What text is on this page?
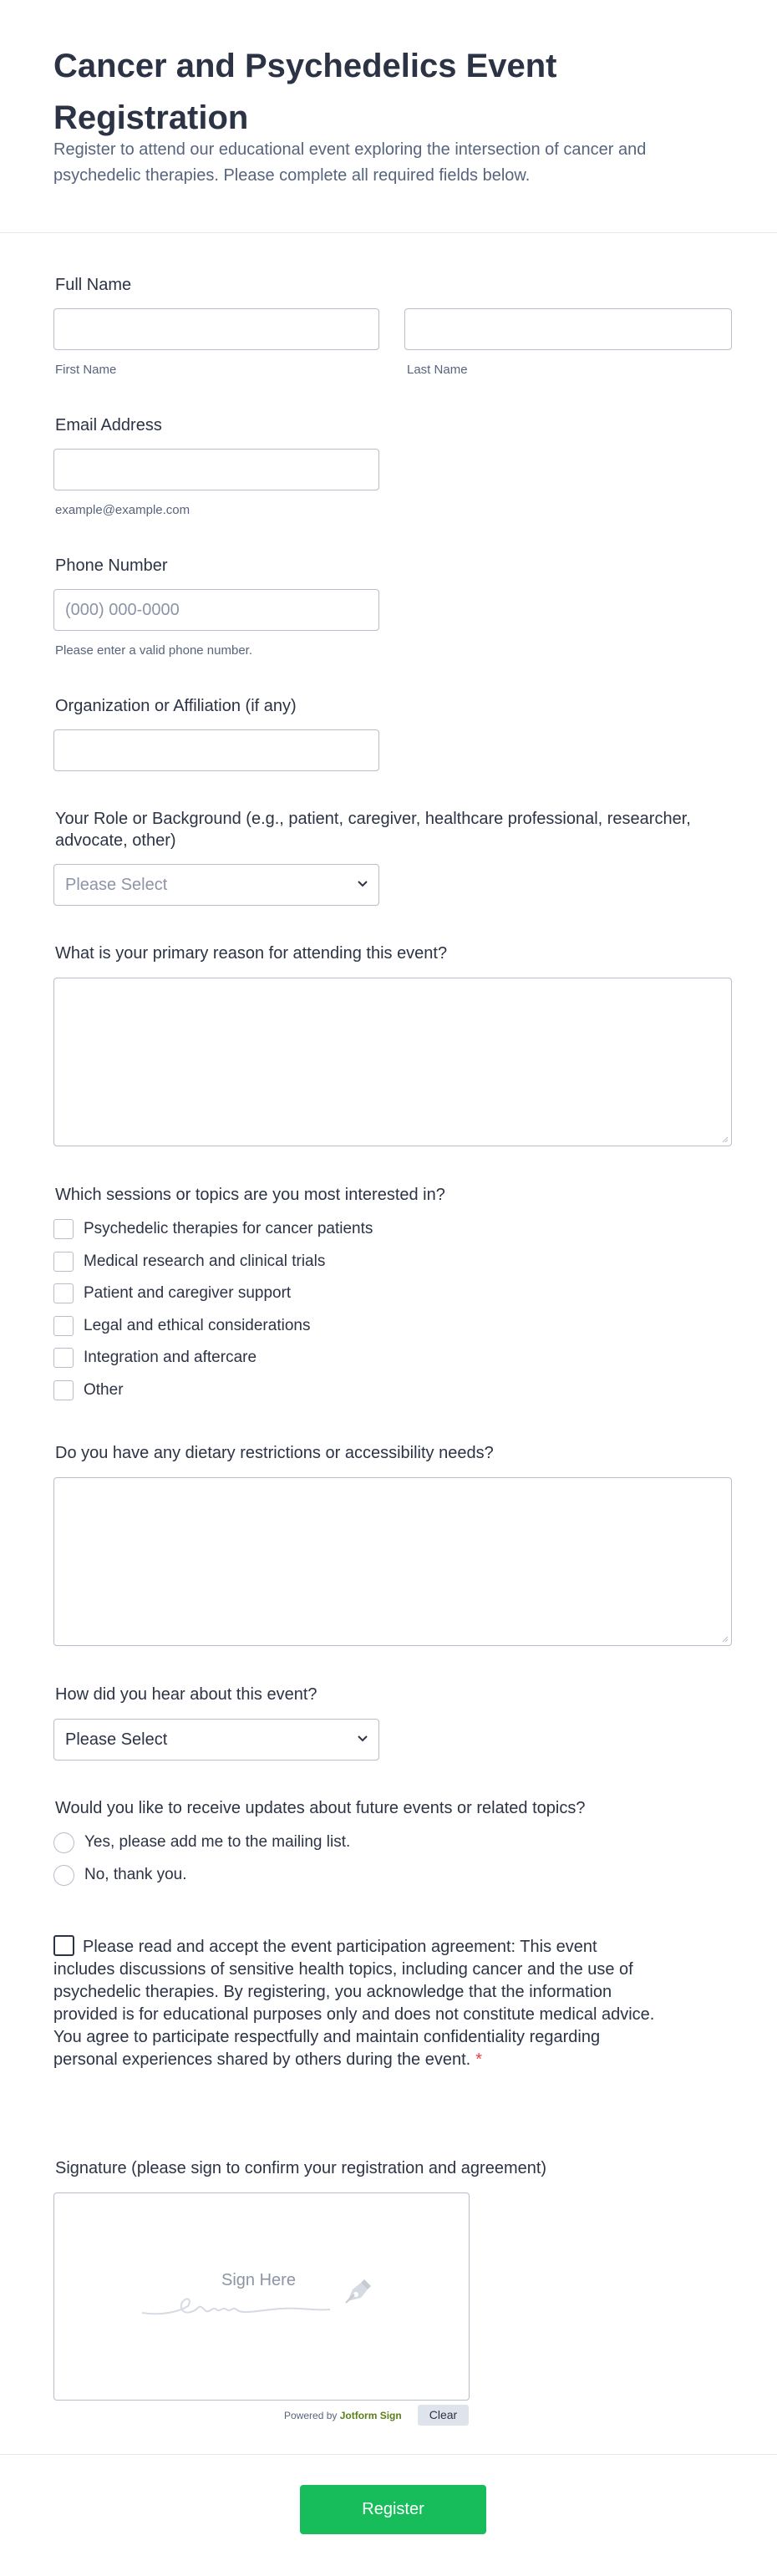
Cancer and Psychedelics Event Registration
Register to attend our educational event exploring the intersection of cancer and psychedelic therapies. Please complete all required fields below.
Full Name
First Name	Last Name
Email Address
example@example.com
Phone Number
(000) 000-0000
Please enter a valid phone number.
Organization or Affiliation (if any)
Your Role or Background (e.g., patient, caregiver, healthcare professional, researcher, advocate, other)
Please Select
What is your primary reason for attending this event?
Which sessions or topics are you most interested in?
Psychedelic therapies for cancer patients
Medical research and clinical trials
Patient and caregiver support
Legal and ethical considerations
Integration and aftercare
Other
Do you have any dietary restrictions or accessibility needs?
How did you hear about this event?
Please Select
Would you like to receive updates about future events or related topics?
Yes, please add me to the mailing list.
No, thank you.
Please read and accept the event participation agreement: This event includes discussions of sensitive health topics, including cancer and the use of psychedelic therapies. By registering, you acknowledge that the information provided is for educational purposes only and does not constitute medical advice. You agree to participate respectfully and maintain confidentiality regarding personal experiences shared by others during the event. *
Signature (please sign to confirm your registration and agreement)
Sign Here
Powered by Jotform Sign	Clear
Register
